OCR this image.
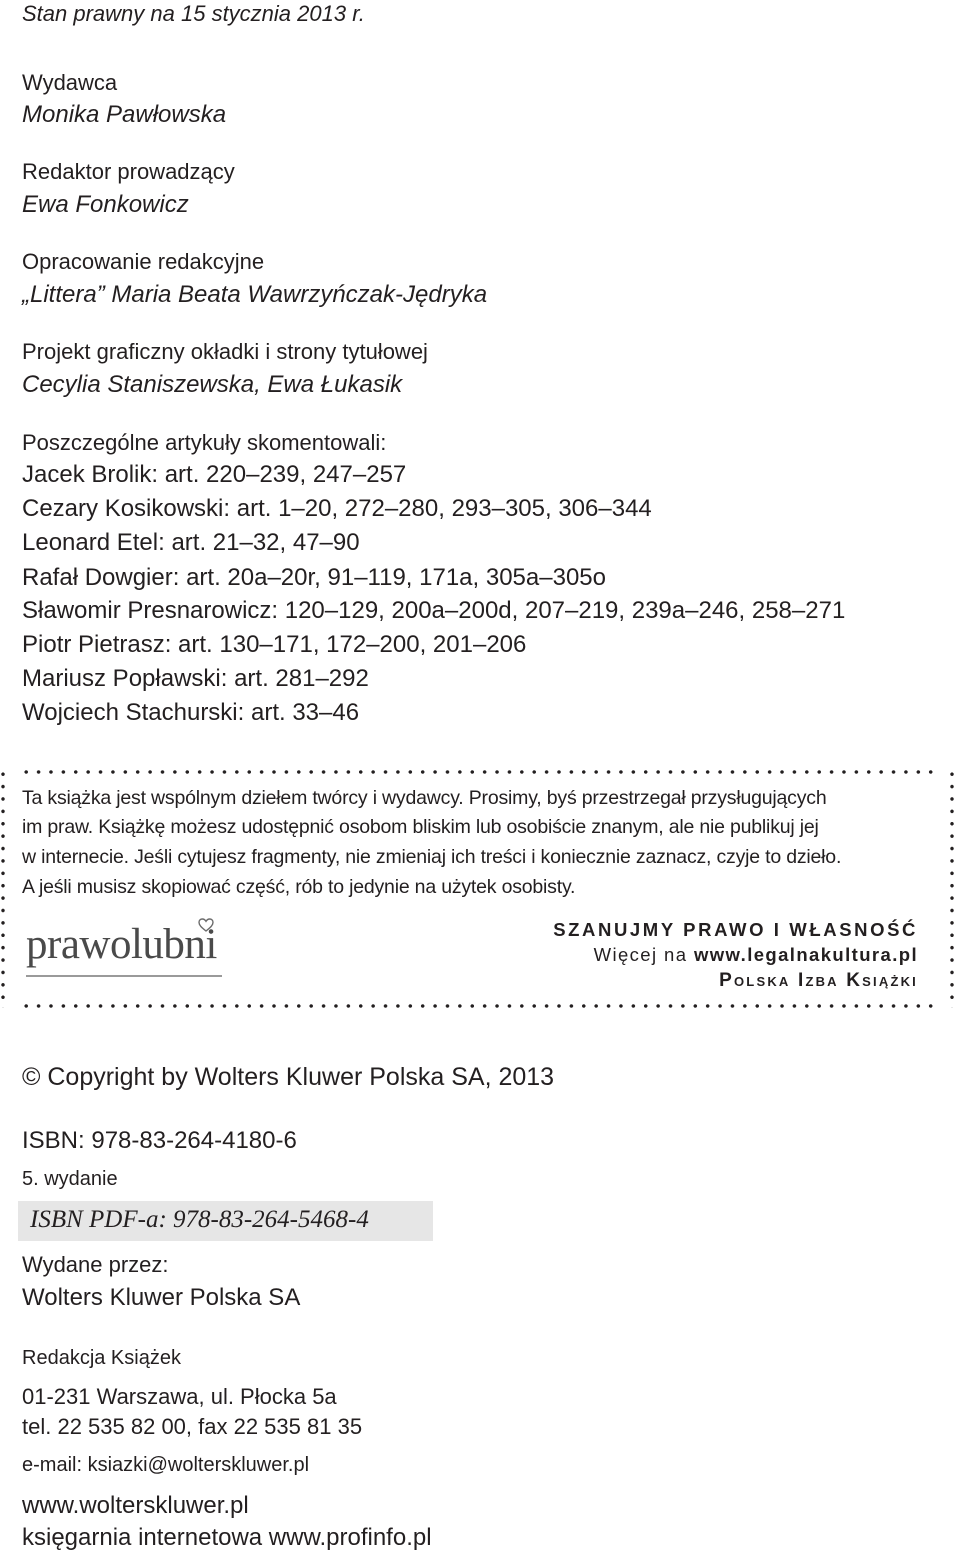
Stan prawny na 15 stycznia 2013 r.
Wydawca
Monika Pawłowska
Redaktor prowadzący
Ewa Fonkowicz
Opracowanie redakcyjne
„Littera” Maria Beata Wawrzyńczak-Jędryka
Projekt graficzny okładki i strony tytułowej
Cecylia Staniszewska, Ewa Łukasik
Poszczególne artykuły skomentowali:
Jacek Brolik: art. 220–239, 247–257
Cezary Kosikowski: art. 1–20, 272–280, 293–305, 306–344
Leonard Etel: art. 21–32, 47–90
Rafał Dowgier: art. 20a–20r, 91–119, 171a, 305a–305o
Sławomir Presnarowicz: 120–129, 200a–200d, 207–219, 239a–246, 258–271
Piotr Pietrasz: art. 130–171, 172–200, 201–206
Mariusz Popławski: art. 281–292
Wojciech Stachurski: art. 33–46
Ta książka jest wspólnym dziełem twórcy i wydawcy. Prosimy, byś przestrzegał przysługujących
im praw. Książkę możesz udostępnić osobom bliskim lub osobiście znanym, ale nie publikuj jej
w internecie. Jeśli cytujesz fragmenty, nie zmieniaj ich treści i koniecznie zaznacz, czyje to dzieło.
A jeśli musisz skopiować część, rób to jedynie na użytek osobisty.
prawolubni	SZANUJMY PRAWO I WŁASNOŚĆ
Więcej na www.legalnakultura.pl
Polska Izba Książki
© Copyright by Wolters Kluwer Polska SA, 2013
ISBN: 978-83-264-4180-6
5. wydanie
ISBN PDF-a: 978-83-264-5468-4
Wydane przez:
Wolters Kluwer Polska SA
Redakcja Książek
01-231 Warszawa, ul. Płocka 5a
tel. 22 535 82 00, fax 22 535 81 35
e-mail: ksiazki@wolterskluwer.pl
www.wolterskluwer.pl
księgarnia internetowa www.profinfo.pl
